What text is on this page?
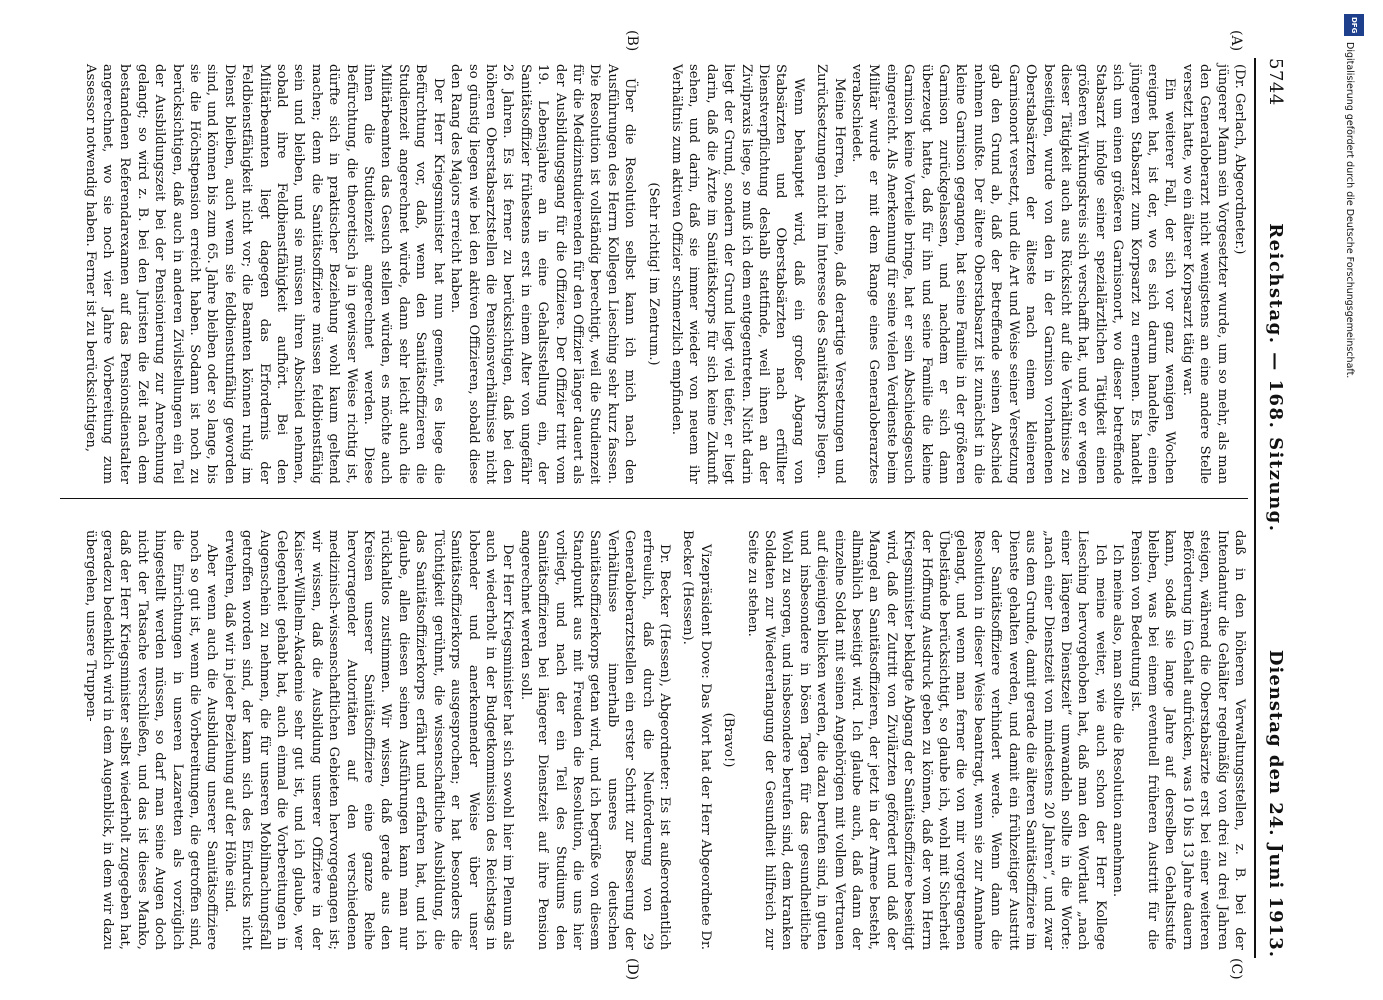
5744
Reichstag. — 168. Sitzung.
Dienstag den 24. Juni 1913.
(A)
(B)
(C)
(D)

(Dr. Gerlach, Abgeordneter.)

jüngerer Mann sein Vorgesetzter wurde, um so mehr, als man den Generaloberarzt nicht wenigstens an eine andere Stelle versetzt hatte, wo ein älterer Korpsarzt tätig war.

Ein weiterer Fall, der sich vor ganz wenigen Wochen ereignet hat, ist der, wo es sich darum handelte, einen jüngeren Stabsarzt zum Korpsarzt zu ernennen. Es handelt sich um einen größeren Garnisonort, wo dieser betreffende Stabsarzt infolge seiner spezialärztlichen Tätigkeit einen größeren Wirkungskreis sich verschafft hat, und wo er wegen dieser Tätigkeit auch aus Rücksicht auf die Verhältnisse zu beseitigen, wurde von den in der Garnison vorhandenen Oberstabsärzten der älteste nach einem kleineren Garnisonort versetzt, und die Art und Weise seiner Versetzung gab den Grund ab, daß der Betreffende seinen Abschied nehmen mußte. Der ältere Oberstabsarzt ist zunächst in die kleine Garnison gegangen, hat seine Familie in der größeren Garnison zurückgelassen, und nachdem er sich dann überzeugt hatte, daß für ihn und seine Familie die kleine Garnison keine Vorteile bringe, hat er sein Abschiedsgesuch eingereicht. Als Anerkennung für seine vielen Verdienste beim Militär wurde er mit dem Range eines Generaloberarztes verabschiedet.

Meine Herren, ich meine, daß derartige Versetzungen und Zurücksetzungen nicht im Interesse des Sanitätskorps liegen.

Wenn behauptet wird, daß ein großer Abgang von Stabsärzten und Oberstabsärzten nach erfüllter Dienstverpflichtung deshalb stattfinde, weil ihnen an der Zivilpraxis liege, so muß ich dem entgegentreten. Nicht darin liegt der Grund, sondern der Grund liegt viel tiefer, er liegt darin, daß die Ärzte im Sanitätskorps für sich keine Zukunft sehen, und darin, daß sie immer wieder von neuem ihr Verhältnis zum aktiven Offizier schmerzlich empfinden.

(Sehr richtig! im Zentrum.)

Über die Resolution selbst kann ich mich nach den Ausführungen des Herrn Kollegen Liesching sehr kurz fassen. Die Resolution ist vollständig berechtigt, weil die Studienzeit für die Medizinstudierenden für den Offizier länger dauert als der Ausbildungsgang für die Offiziere. Der Offizier tritt vom 19. Lebensjahre an in eine Gehaltsstellung ein, der Sanitätsoffizier frühestens erst in einem Alter von ungefähr 26 Jahren. Es ist ferner zu berücksichtigen, daß bei den höheren Oberstabsarztstellen die Pensionsverhältnisse nicht so günstig liegen wie bei den aktiven Offizieren, sobald diese den Rang des Majors erreicht haben.

Der Herr Kriegsminister hat nun gemeint, es liege die Befürchtung vor, daß, wenn den Sanitätsoffizieren die Studienzeit angerechnet würde, dann sehr leicht auch die Militärbeamten das Gesuch stellen würden, es möchte auch ihnen die Studienzeit angerechnet werden. Diese Befürchtung, die theoretisch ja in gewisser Weise richtig ist, dürfte sich in praktischer Beziehung wohl kaum geltend machen; denn die Sanitätsoffiziere müssen feldbienstfähig sein und bleiben, und sie müssen ihren Abschied nehmen, sobald ihre Feldbienstfähigkeit aufhört. Bei den Militärbeamten liegt dagegen das Erfordernis der Feldbienstfähigkeit nicht vor; die Beamten können ruhig im Dienst bleiben, auch wenn sie feldbienstunfähig geworden sind, und können bis zum 65. Jahre bleiben oder so lange, bis sie die Höchstpension erreicht haben. Sodann ist noch zu berücksichtigen, daß auch in anderen Zivilstellungen ein Teil der Ausbildungszeit bei der Pensionierung zur Anrechnung gelangt; so wird z. B. bei den Juristen die Zeit nach dem bestandenen Referendarexamen auf das Pensionsdienstalter angerechnet, wo sie noch vier Jahre Vorbereitung zum Assessor notwendig haben. Ferner ist zu berücksichtigen,

daß in den höheren Verwaltungsstellen, z. B. bei der Intendantur die Gehälter regelmäßig von drei zu drei Jahren steigen, während die Oberstabsärzte erst bei einer weiteren Beförderung im Gehalt aufrücken, was 10 bis 13 Jahre dauern kann, sodaß sie lange Jahre auf derselben Gehaltsstufe bleiben, was bei einem eventuell früheren Austritt für die Pension von Bedeutung ist.

Ich meine also, man sollte die Resolution annehmen.

Ich meine weiter, wie auch schon der Herr Kollege Liesching hervorgehoben hat, daß man den Wortlaut „nach einer längeren Dienstzeit“ umwandeln sollte in die Worte: „nach einer Dienstzeit von mindestens 20 Jahren“, und zwar aus dem Grunde, damit gerade die älteren Sanitätsoffiziere im Dienste gehalten werden, und damit ein frühzeitiger Austritt der Sanitätsoffiziere verhindert werde. Wenn dann die Resolution in dieser Weise beantragt, wenn sie zur Annahme gelangt, und wenn man ferner die von mir vorgetragenen Übelstände berücksichtigt, so glaube ich, wohl mit Sicherheit der Hoffnung Ausdruck geben zu können, daß der vom Herrn Kriegsminister beklagte Abgang der Sanitätsoffiziere beseitigt wird, daß der Zutritt von Zivilärzten gefördert und daß der Mangel an Sanitätsoffizieren, der jetzt in der Armee besteht, allmählich beseitigt wird. Ich glaube auch, daß dann der einzelne Soldat mit seinen Angehörigen mit vollem Vertrauen auf diejenigen blicken werden, die dazu berufen sind, in guten und insbesondere in bösen Tagen für das gesundheitliche Wohl zu sorgen, und insbesondere berufen sind, dem kranken Soldaten zur Wiedererlangung der Gesundheit hilfreich zur Seite zu stehen.

(Bravo!)

Vizepräsident Dove: Das Wort hat der Herr Abgeordnete Dr. Becker (Hessen).

Dr. Becker (Hessen), Abgeordneter: Es ist außerordentlich erfreulich, daß durch die Neuforderung von 29 Generaloberarztstellen ein erster Schritt zur Besserung der Verhältnisse innerhalb unseres deutschen Sanitätsoffizierkorps getan wird, und ich begrüße von diesem Standpunkt aus mit Freuden die Resolution, die uns hier vorliegt, und nach der ein Teil des Studiums den Sanitätsoffizieren bei längerer Dienstzeit auf ihre Pension angerechnet werden soll.

Der Herr Kriegsminister hat sich sowohl hier im Plenum als auch wiederholt in der Budgetkommission des Reichstags in lobender und anerkennender Weise über unser Sanitätsoffizierkorps ausgesprochen; er hat besonders die Tüchtigkeit gerühmt, die wissenschaftliche Ausbildung, die das Sanitätsoffizierkorps erfährt und erfahren hat, und ich glaube, allen diesen seinen Ausführungen kann man nur rückhaltlos zustimmen. Wir wissen, daß gerade aus den Kreisen unserer Sanitätsoffiziere eine ganze Reihe hervorragender Autoritäten auf den verschiedenen medizinisch-wissenschaftlichen Gebieten hervorgegangen ist; wir wissen, daß die Ausbildung unserer Offiziere in der Kaiser-Wilhelm-Akademie sehr gut ist, und ich glaube, wer Gelegenheit gehabt hat, auch einmal die Vorbereitungen in Augenschein zu nehmen, die für unseren Mobilmachungsfall getroffen worden sind, der kann sich des Eindrucks nicht erwehren, daß wir in jeder Beziehung auf der Höhe sind.

Aber wenn auch die Ausbildung unserer Sanitätsoffiziere noch so gut ist, wenn die Vorbereitungen, die getroffen sind, die Einrichtungen in unseren Lazaretten als vorzüglich hingestellt werden müssen, so darf man seine Augen doch nicht der Tatsache verschließen, und das ist dieses Manko, daß der Herr Kriegsminister selbst wiederholt zugegeben hat, geradezu bedenklich wird in dem Augenblick, in dem wir dazu übergehen, unsere Truppen-

DFG
Digitalisierung gefördert durch die Deutsche Forschungsgemeinschaft.
